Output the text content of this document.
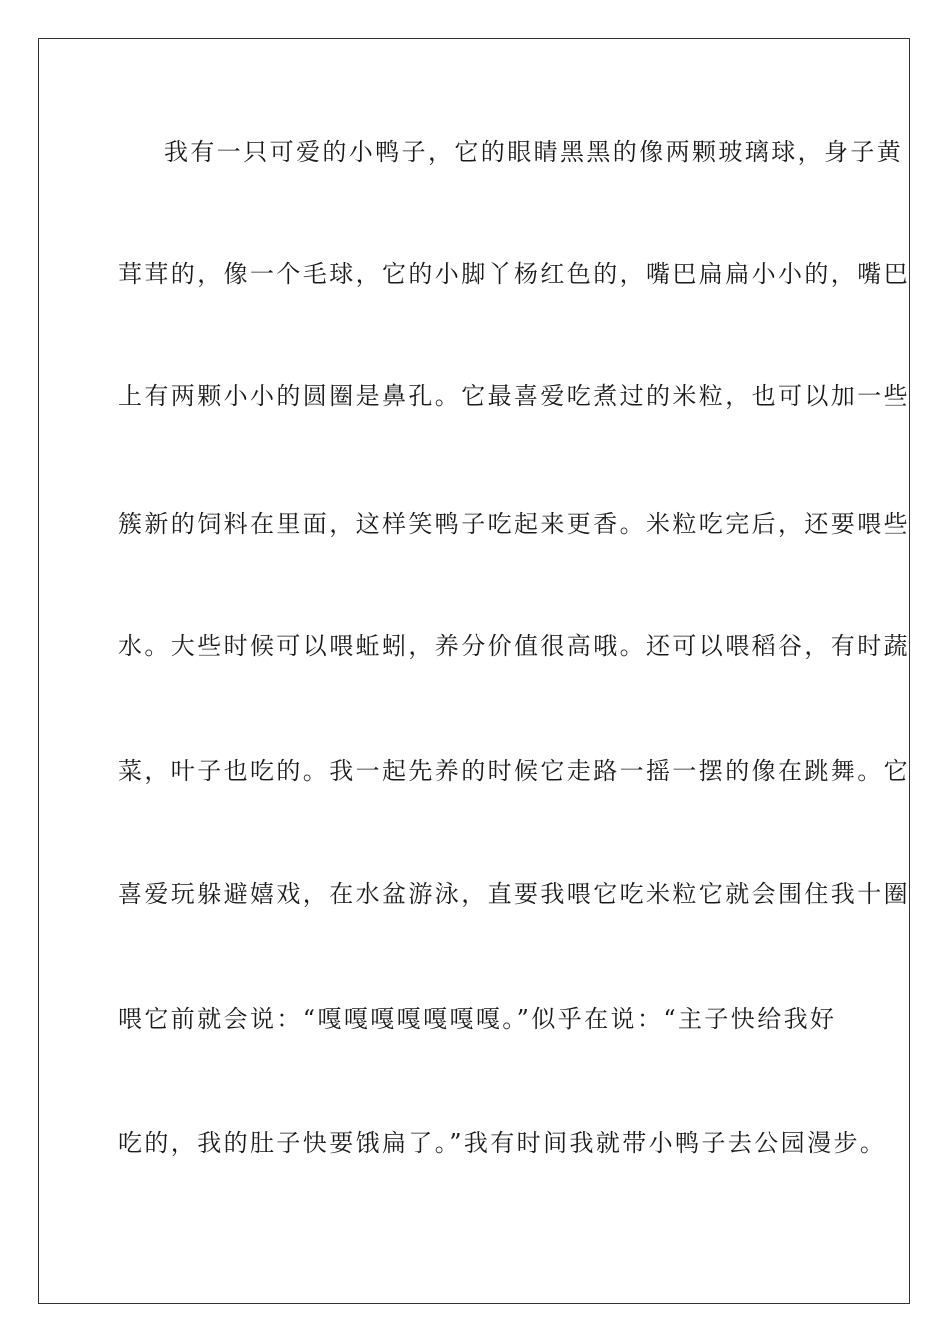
我有一只可爱的小鸭子，它的眼睛黑黑的像两颗玻璃球，身子黄
茸茸的，像一个毛球，它的小脚丫杨红色的，嘴巴扁扁小小的，嘴巴
上有两颗小小的圆圈是鼻孔。它最喜爱吃煮过的米粒，也可以加一些
簇新的饲料在里面，这样笑鸭子吃起来更香。米粒吃完后，还要喂些
水。大些时候可以喂蚯蚓，养分价值很高哦。还可以喂稻谷，有时蔬
菜，叶子也吃的。我一起先养的时候它走路一摇一摆的像在跳舞。它
喜爱玩躲避嬉戏，在水盆游泳，直要我喂它吃米粒它就会围住我十圈
喂它前就会说：“嘎嘎嘎嘎嘎嘎嘎。”似乎在说：“主子快给我好
吃的，我的肚子快要饿扁了。”我有时间我就带小鸭子去公园漫步。
